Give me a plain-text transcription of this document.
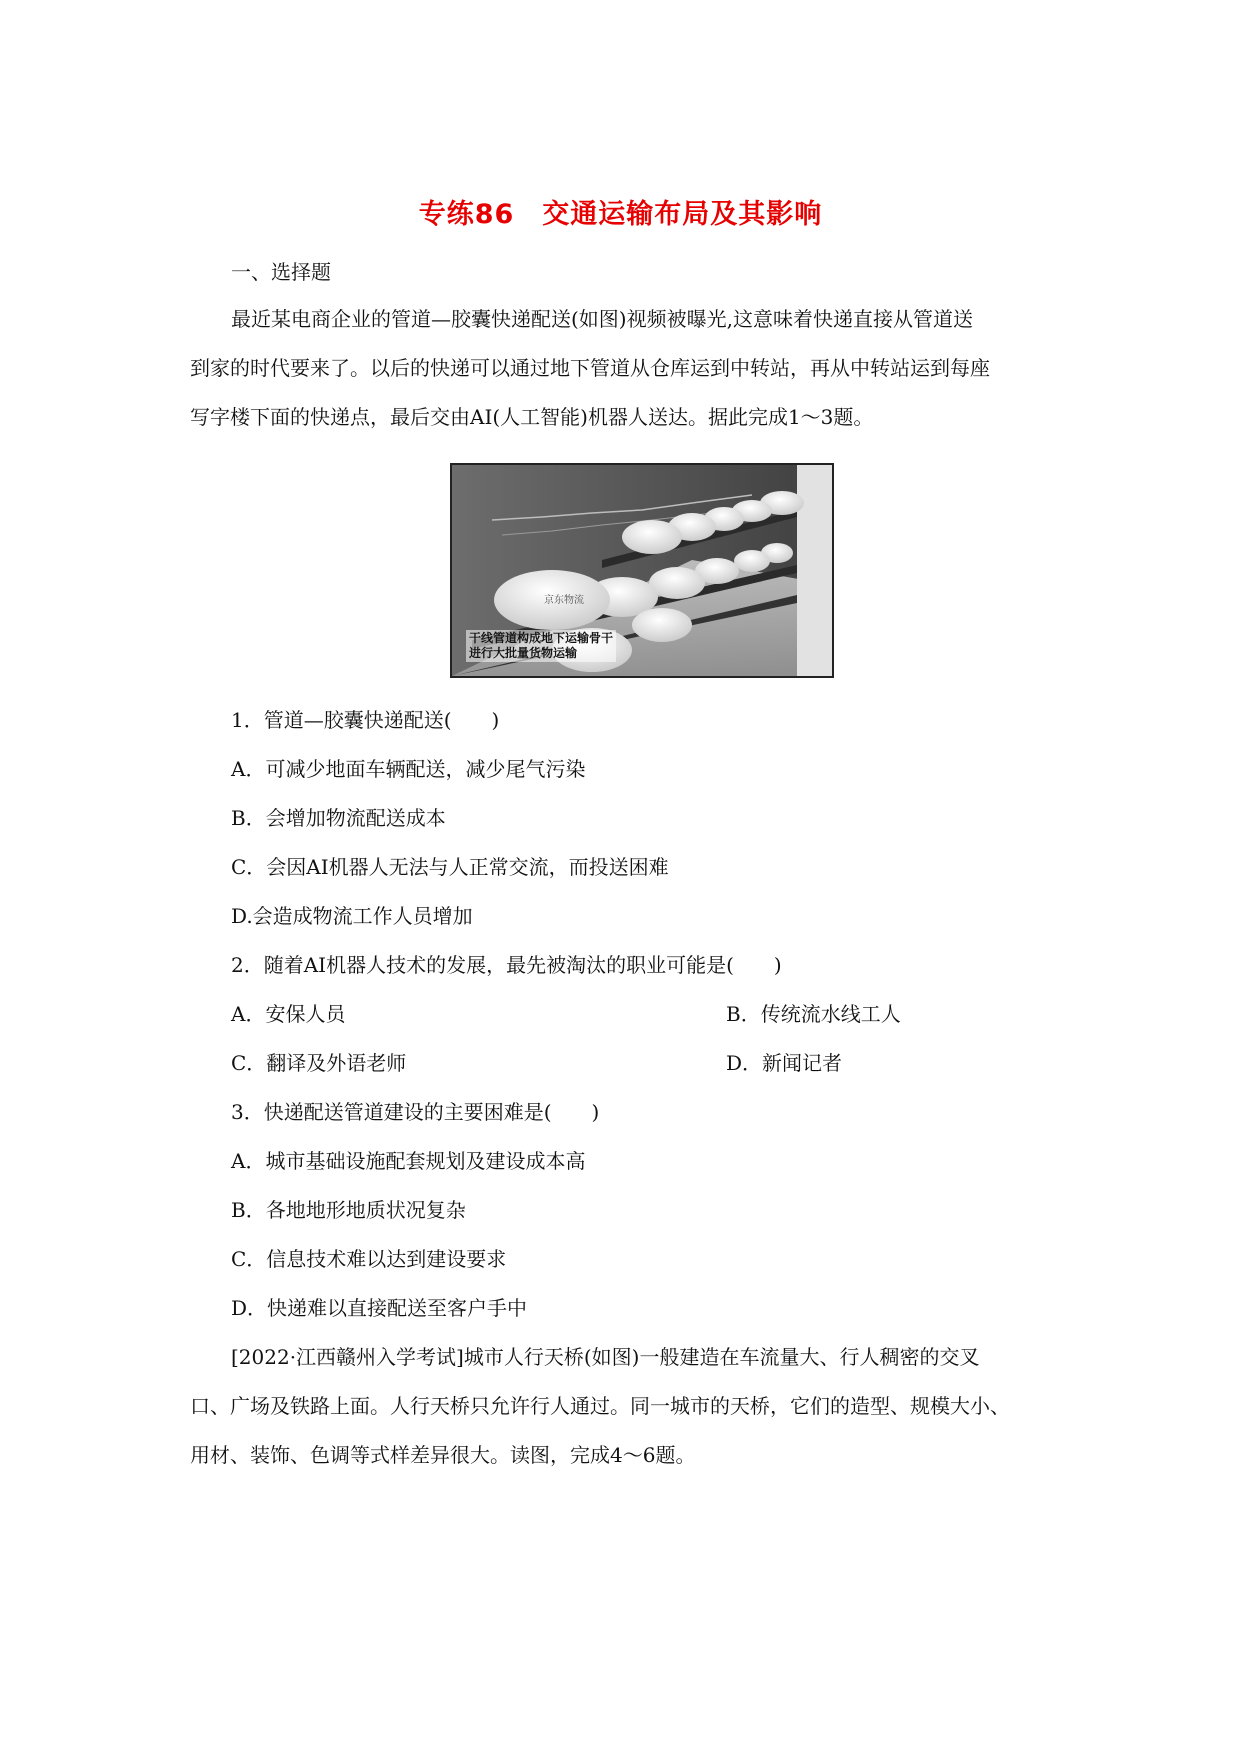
专练86　交通运输布局及其影响
一、选择题
最近某电商企业的管道—胶囊快递配送(如图)视频被曝光,这意味着快递直接从管道送
到家的时代要来了。以后的快递可以通过地下管道从仓库运到中转站，再从中转站运到每座
写字楼下面的快递点，最后交由AI(人工智能)机器人送达。据此完成1～3题。
京东物流
干线管道构成地下运输骨干
进行大批量货物运输
1．管道—胶囊快递配送(　　)
A．可减少地面车辆配送，减少尾气污染
B．会增加物流配送成本
C．会因AI机器人无法与人正常交流，而投送困难
D.会造成物流工作人员增加
2．随着AI机器人技术的发展，最先被淘汰的职业可能是(　　)
A．安保人员	B．传统流水线工人
C．翻译及外语老师	D．新闻记者
3．快递配送管道建设的主要困难是(　　)
A．城市基础设施配套规划及建设成本高
B．各地地形地质状况复杂
C．信息技术难以达到建设要求
D．快递难以直接配送至客户手中
[2022·江西赣州入学考试]城市人行天桥(如图)一般建造在车流量大、行人稠密的交叉
口、广场及铁路上面。人行天桥只允许行人通过。同一城市的天桥，它们的造型、规模大小、
用材、装饰、色调等式样差异很大。读图，完成4～6题。
